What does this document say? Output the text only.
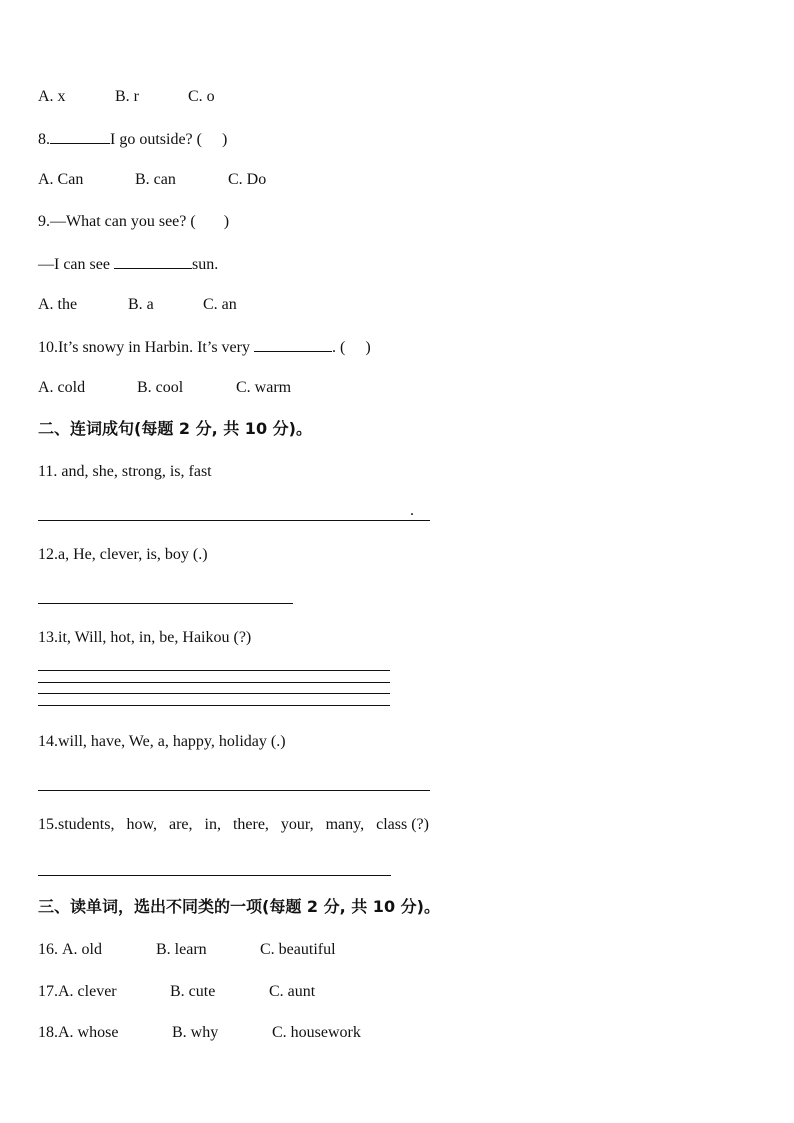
A. x	B. r	C. o
8.	I go outside? ( )
A. Can	B. can	C. Do
9.—What can you see? ( )
—I can see	sun.
A. the	B. a	C. an
10.It’s snowy in Harbin. It’s very	. ( )
A. cold	B. cool	C. warm
二、连词成句(每题 2 分, 共 10 分)。
11. and, she, strong, is, fast
.
12.a, He, clever, is, boy (.)
13.it, Will, hot, in, be, Haikou (?)
14.will, have, We, a, happy, holiday (.)
15.students,   how,   are,   in,   there,   your,   many,   class (?)
三、读单词，选出不同类的一项(每题 2 分, 共 10 分)。
16. A. old	B. learn	C. beautiful
17.A. clever	B. cute	C. aunt
18.A. whose	B. why	C. housework
